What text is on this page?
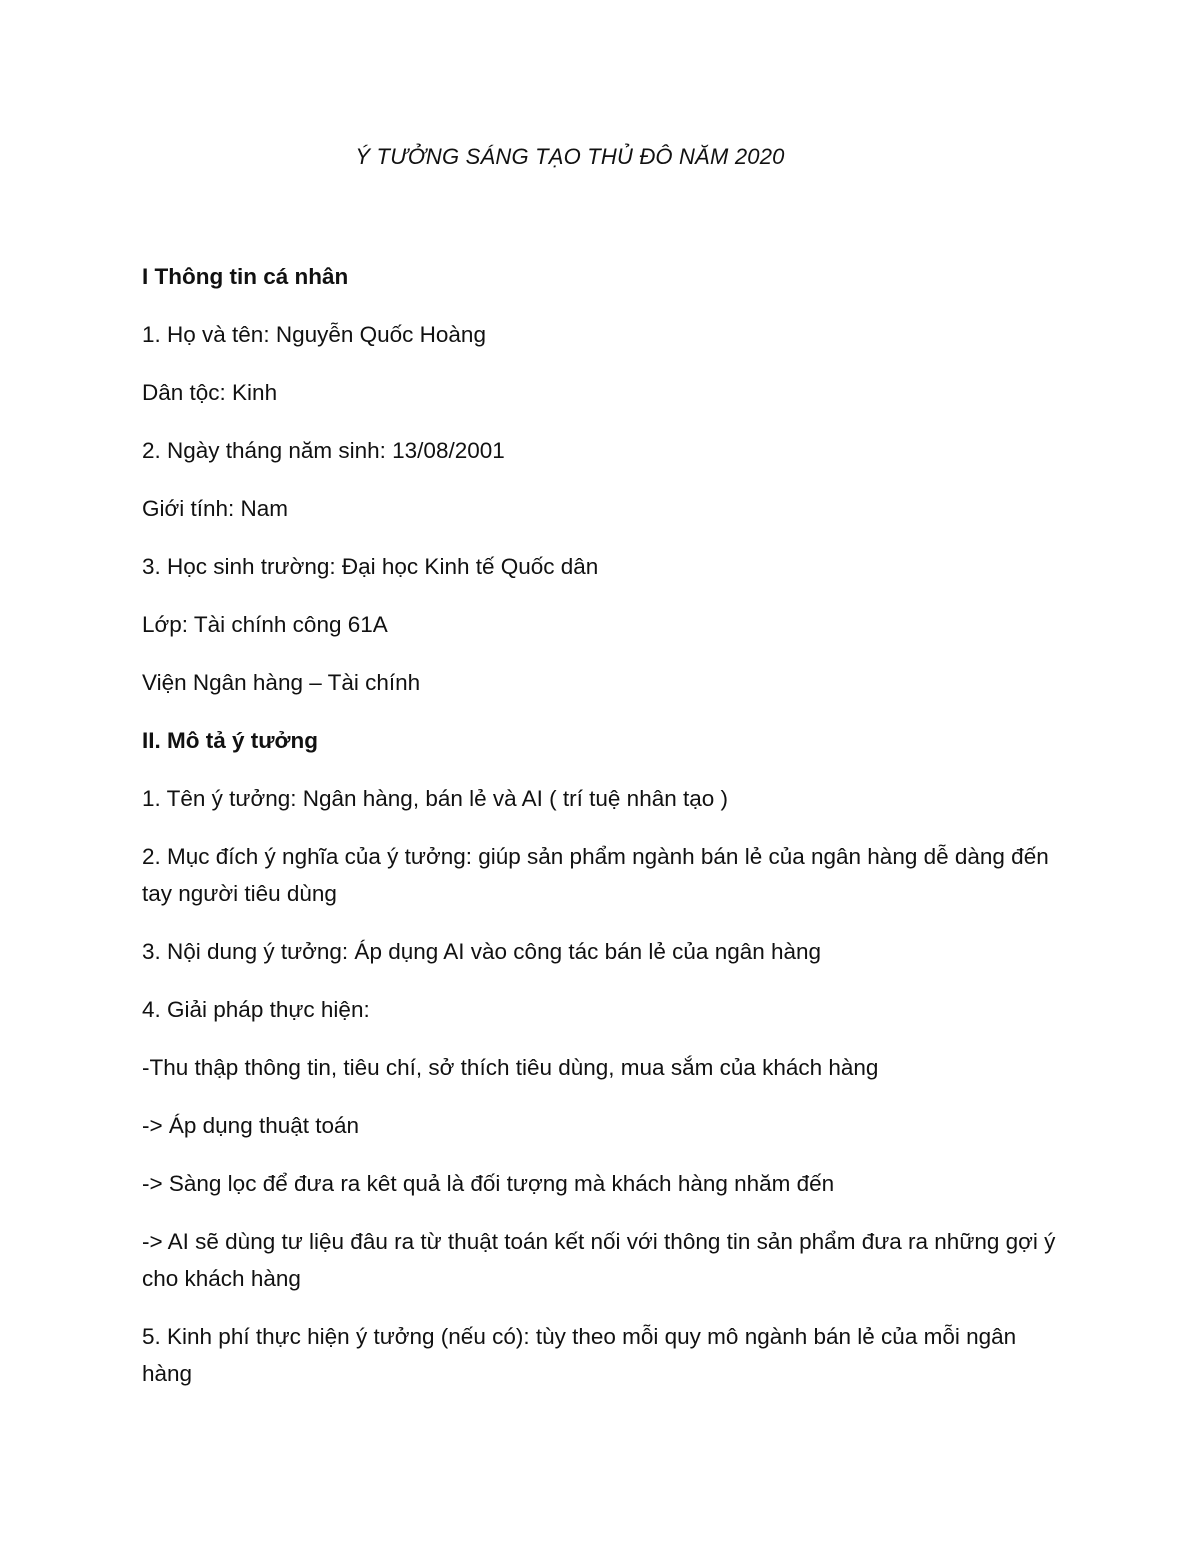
Ý TƯỞNG SÁNG TẠO THỦ ĐÔ NĂM 2020

I Thông tin cá nhân

1. Họ và tên: Nguyễn Quốc Hoàng

Dân tộc: Kinh

2. Ngày tháng năm sinh: 13/08/2001

Giới tính: Nam

3. Học sinh trường: Đại học Kinh tế Quốc dân

Lớp: Tài chính công 61A

Viện Ngân hàng – Tài chính

II. Mô tả ý tưởng

1. Tên ý tưởng: Ngân hàng, bán lẻ và AI ( trí tuệ nhân tạo )

2. Mục đích ý nghĩa của ý tưởng: giúp sản phẩm ngành bán lẻ của ngân hàng dễ dàng đến tay người tiêu dùng

3. Nội dung ý tưởng: Áp dụng AI vào công tác bán lẻ của ngân hàng

4. Giải pháp thực hiện:

-Thu thập thông tin, tiêu chí, sở thích tiêu dùng, mua sắm của khách hàng

-> Áp dụng thuật toán

-> Sàng lọc để đưa ra kêt quả là đối tượng mà khách hàng nhăm đến

-> AI sẽ dùng tư liệu đâu ra từ thuật toán kết nối với thông tin sản phẩm đưa ra những gợi ý cho khách hàng

5. Kinh phí thực hiện ý tưởng (nếu có): tùy theo mỗi quy mô ngành bán lẻ của mỗi ngân hàng
